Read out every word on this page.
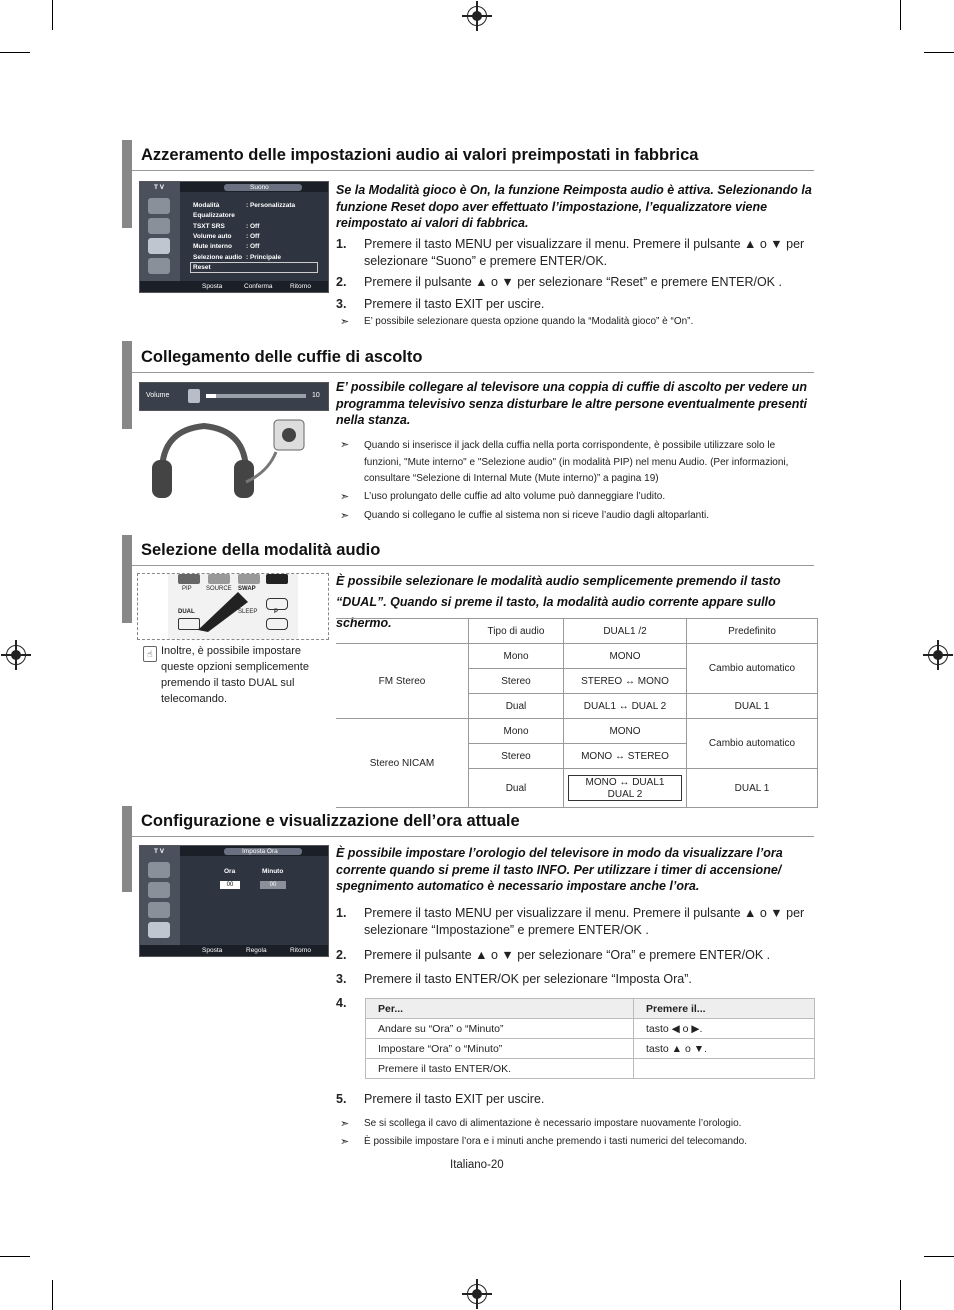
Azzeramento delle impostazioni audio ai valori preimpostati in fabbrica
T V	Suono
Sposta	Conferma	Ritorno
Modalità	: Personalizzata
Equalizzatore
TSXT SRS	: Off
Volume auto : Off
Mute interno : Off
Selezione audio : Principale
Reset
Se la Modalità gioco è On, la funzione Reimposta audio è attiva. Selezionando la funzione Reset dopo aver effettuato l’impostazione, l’equalizzatore viene reimpostato ai valori di fabbrica.
1. Premere il tasto MENU per visualizzare il menu. Premere il pulsante ▲ o ▼ per selezionare “Suono” e premere ENTER/OK.
2. Premere il pulsante ▲ o ▼ per selezionare “Reset” e premere ENTER/OK .
3. Premere il tasto EXIT per uscire.
➣ E’ possibile selezionare questa opzione quando la “Modalità gioco” è “On”.
Collegamento delle cuffie di ascolto
Volume	10
E’ possibile collegare al televisore una coppia di cuffie di ascolto per vedere un programma televisivo senza disturbare le altre persone eventualmente presenti nella stanza.
➣ Quando si inserisce il jack della cuffia nella porta corrispondente, è possibile utilizzare solo le funzioni, "Mute interno" e "Selezione audio" (in modalità PIP) nel menu Audio. (Per informazioni, consultare “Selezione di Internal Mute (Mute interno)” a pagina 19)
➣ L’uso prolungato delle cuffie ad alto volume può danneggiare l’udito.
➣ Quando si collegano le cuffie al sistema non si riceve l’audio dagli altoparlanti.
Selezione della modalità audio
PIP SOURCE SWAP
DUAL	SLEEP	P
☝ Inoltre, è possibile impostare queste opzioni semplicemente premendo il tasto DUAL sul telecomando.
È possibile selezionare le modalità audio semplicemente premendo il tasto “DUAL”. Quando si preme il tasto, la modalità audio corrente appare sullo schermo.
	Tipo di audio	DUAL1 /2	Predefinito
FM Stereo	Mono	MONO	Cambio automatico
	Stereo	STEREO ↔ MONO	
	Dual	DUAL1 ↔ DUAL 2	DUAL 1
Stereo NICAM	Mono	MONO	Cambio automatico
	Stereo	MONO ↔ STEREO	
	Dual	MONO ↔ DUAL1
DUAL 2	DUAL 1
Configurazione e visualizzazione dell’ora attuale
T V	Imposta Ora
Ora	Minuto
00	00
Sposta	Regola	Ritorno
È possibile impostare l’orologio del televisore in modo da visualizzare l’ora corrente quando si preme il tasto INFO. Per utilizzare i timer di accensione/ spegnimento automatico è necessario impostare anche l’ora.
1. Premere il tasto MENU per visualizzare il menu. Premere il pulsante ▲ o ▼ per selezionare “Impostazione” e premere ENTER/OK .
2. Premere il pulsante ▲ o ▼ per selezionare “Ora” e premere ENTER/OK .
3. Premere il tasto ENTER/OK per selezionare “Imposta Ora”.
4.	Per...	Premere il...
Andare su “Ora” o “Minuto”	tasto ◀ o ▶.
Impostare “Ora” o “Minuto”	tasto ▲ o ▼.
Premere il tasto ENTER/OK.	
5. Premere il tasto EXIT per uscire.
➣ Se si scollega il cavo di alimentazione è necessario impostare nuovamente l’orologio.
➣ È possibile impostare l’ora e i minuti anche premendo i tasti numerici del telecomando.
Italiano-20
